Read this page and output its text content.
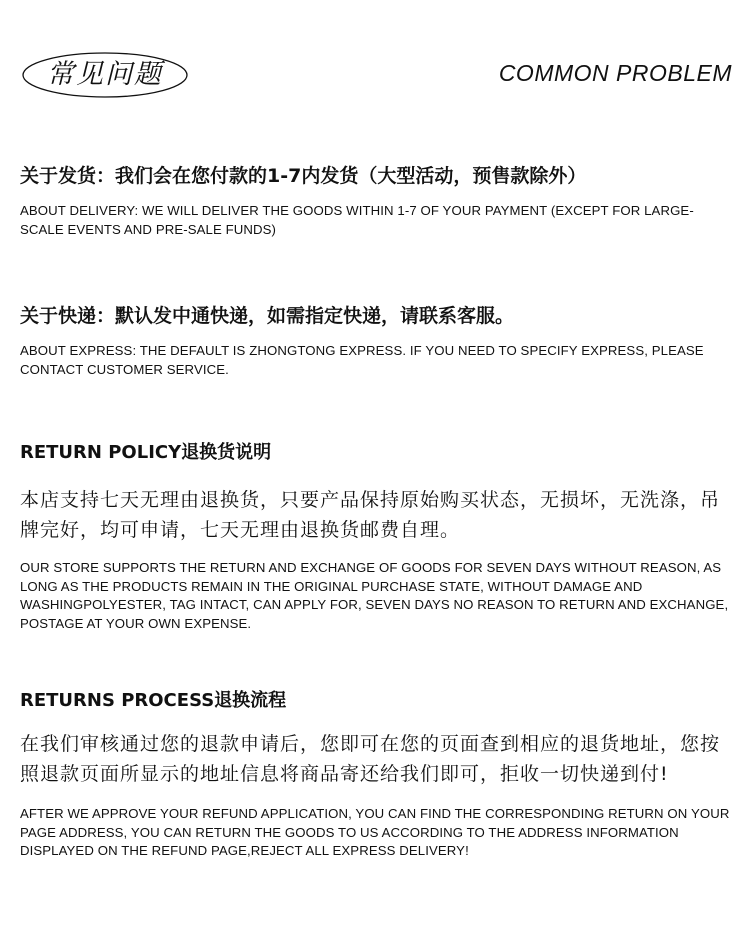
常见问题	COMMON PROBLEM
关于发货：我们会在您付款的1-7内发货（大型活动，预售款除外）
ABOUT DELIVERY: WE WILL DELIVER THE GOODS WITHIN 1-7 OF YOUR PAYMENT (EXCEPT FOR LARGE-SCALE EVENTS AND PRE-SALE FUNDS)
关于快递：默认发中通快递，如需指定快递，请联系客服。
ABOUT EXPRESS: THE DEFAULT IS ZHONGTONG EXPRESS. IF YOU NEED TO SPECIFY EXPRESS, PLEASE CONTACT CUSTOMER SERVICE.
RETURN POLICY退换货说明
本店支持七天无理由退换货，只要产品保持原始购买状态，无损坏，无洗涤，吊牌完好，均可申请，七天无理由退换货邮费自理。
OUR STORE SUPPORTS THE RETURN AND EXCHANGE OF GOODS FOR SEVEN DAYS WITHOUT REASON, AS LONG AS THE PRODUCTS REMAIN IN THE ORIGINAL PURCHASE STATE, WITHOUT DAMAGE AND WASHINGPOLYESTER, TAG INTACT, CAN APPLY FOR, SEVEN DAYS NO REASON TO RETURN AND EXCHANGE, POSTAGE AT YOUR OWN EXPENSE.
RETURNS PROCESS退换流程
在我们审核通过您的退款申请后，您即可在您的页面查到相应的退货地址，您按照退款页面所显示的地址信息将商品寄还给我们即可，拒收一切快递到付!
AFTER WE APPROVE YOUR REFUND APPLICATION, YOU CAN FIND THE CORRESPONDING RETURN ON YOUR PAGE ADDRESS, YOU CAN RETURN THE GOODS TO US ACCORDING TO THE ADDRESS INFORMATION DISPLAYED ON THE REFUND PAGE,REJECT ALL EXPRESS DELIVERY!
